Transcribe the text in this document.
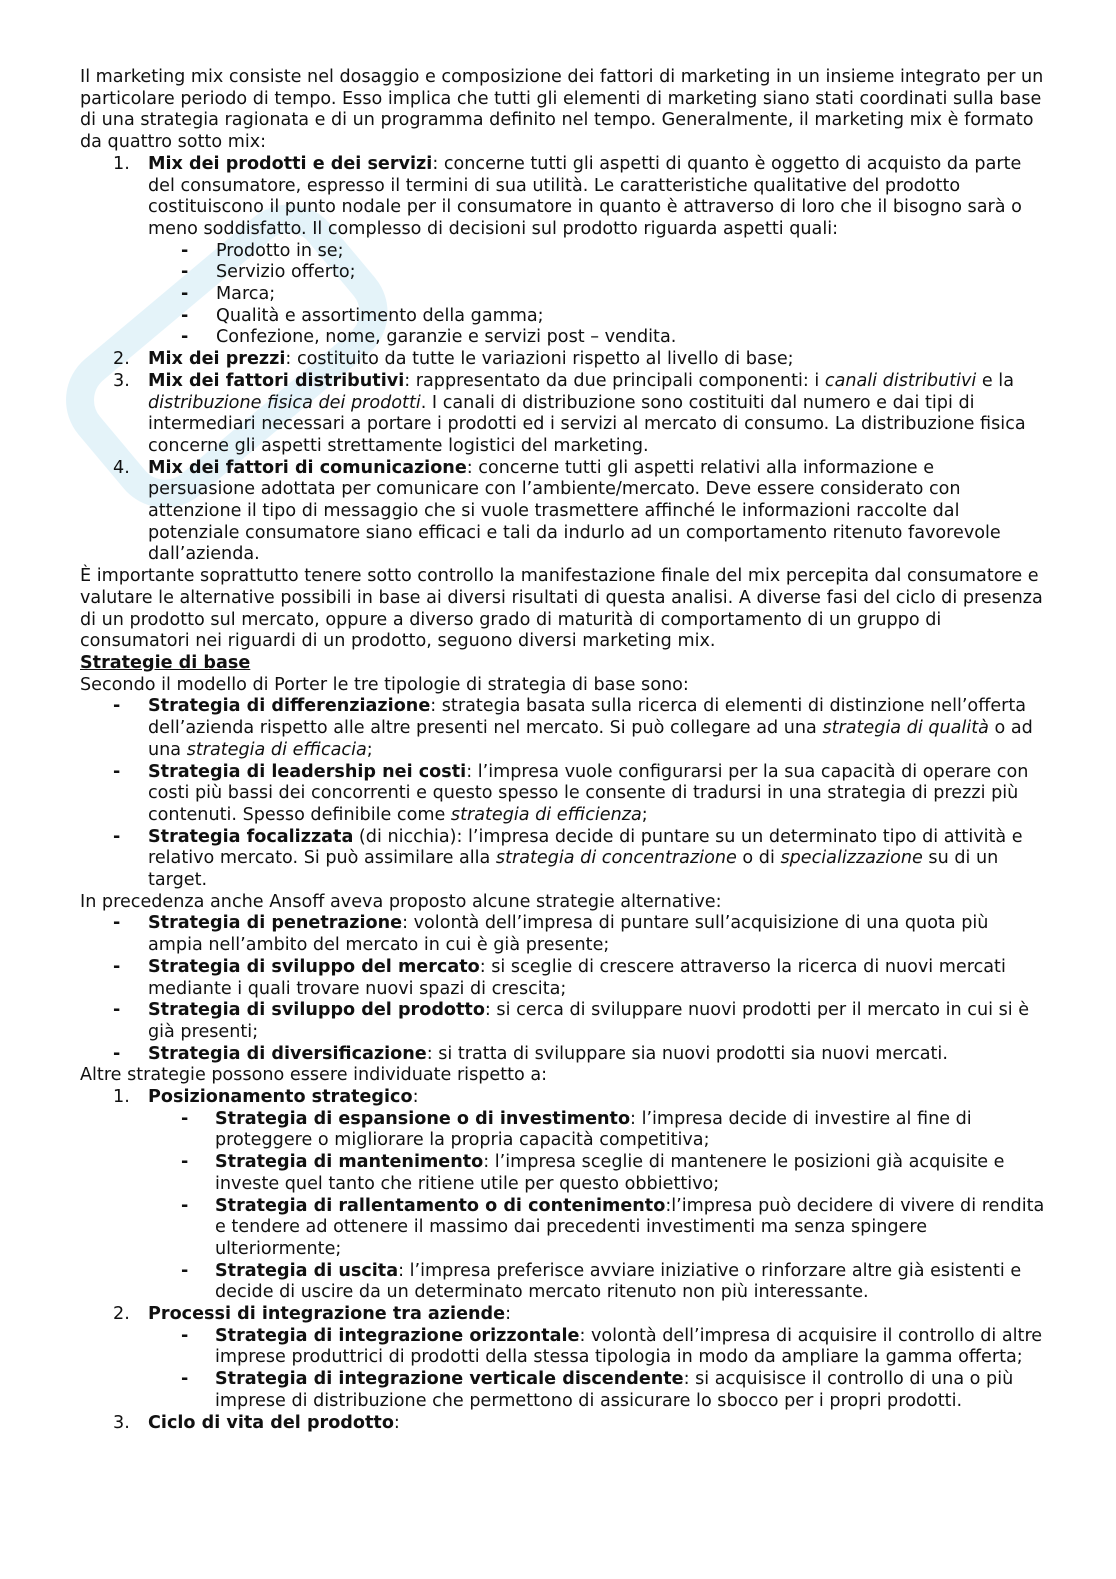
Il marketing mix consiste nel dosaggio e composizione dei fattori di marketing in un insieme integrato per un particolare periodo di tempo. Esso implica che tutti gli elementi di marketing siano stati coordinati sulla base di una strategia ragionata e di un programma definito nel tempo. Generalmente, il marketing mix è formato da quattro sotto mix:

1. Mix dei prodotti e dei servizi: concerne tutti gli aspetti di quanto è oggetto di acquisto da parte del consumatore, espresso il termini di sua utilità. Le caratteristiche qualitative del prodotto costituiscono il punto nodale per il consumatore in quanto è attraverso di loro che il bisogno sarà o meno soddisfatto. Il complesso di decisioni sul prodotto riguarda aspetti quali:
- Prodotto in se;
- Servizio offerto;
- Marca;
- Qualità e assortimento della gamma;
- Confezione, nome, garanzie e servizi post – vendita.
2. Mix dei prezzi: costituito da tutte le variazioni rispetto al livello di base;
3. Mix dei fattori distributivi: rappresentato da due principali componenti: i canali distributivi e la distribuzione fisica dei prodotti. I canali di distribuzione sono costituiti dal numero e dai tipi di intermediari necessari a portare i prodotti ed i servizi al mercato di consumo. La distribuzione fisica concerne gli aspetti strettamente logistici del marketing.
4. Mix dei fattori di comunicazione: concerne tutti gli aspetti relativi alla informazione e persuasione adottata per comunicare con l’ambiente/mercato. Deve essere considerato con attenzione il tipo di messaggio che si vuole trasmettere affinché le informazioni raccolte dal potenziale consumatore siano efficaci e tali da indurlo ad un comportamento ritenuto favorevole dall’azienda.

È importante soprattutto tenere sotto controllo la manifestazione finale del mix percepita dal consumatore e valutare le alternative possibili in base ai diversi risultati di questa analisi. A diverse fasi del ciclo di presenza di un prodotto sul mercato, oppure a diverso grado di maturità di comportamento di un gruppo di consumatori nei riguardi di un prodotto, seguono diversi marketing mix.

Strategie di base

Secondo il modello di Porter le tre tipologie di strategia di base sono:

- Strategia di differenziazione: strategia basata sulla ricerca di elementi di distinzione nell’offerta dell’azienda rispetto alle altre presenti nel mercato. Si può collegare ad una strategia di qualità o ad una strategia di efficacia;
- Strategia di leadership nei costi: l’impresa vuole configurarsi per la sua capacità di operare con costi più bassi dei concorrenti e questo spesso le consente di tradursi in una strategia di prezzi più contenuti. Spesso definibile come strategia di efficienza;
- Strategia focalizzata (di nicchia): l’impresa decide di puntare su un determinato tipo di attività e relativo mercato. Si può assimilare alla strategia di concentrazione o di specializzazione su di un target.

In precedenza anche Ansoff aveva proposto alcune strategie alternative:

- Strategia di penetrazione: volontà dell’impresa di puntare sull’acquisizione di una quota più ampia nell’ambito del mercato in cui è già presente;
- Strategia di sviluppo del mercato: si sceglie di crescere attraverso la ricerca di nuovi mercati mediante i quali trovare nuovi spazi di crescita;
- Strategia di sviluppo del prodotto: si cerca di sviluppare nuovi prodotti per il mercato in cui si è già presenti;
- Strategia di diversificazione: si tratta di sviluppare sia nuovi prodotti sia nuovi mercati.

Altre strategie possono essere individuate rispetto a:

1. Posizionamento strategico:
- Strategia di espansione o di investimento: l’impresa decide di investire al fine di proteggere o migliorare la propria capacità competitiva;
- Strategia di mantenimento: l’impresa sceglie di mantenere le posizioni già acquisite e investe quel tanto che ritiene utile per questo obbiettivo;
- Strategia di rallentamento o di contenimento:l’impresa può decidere di vivere di rendita e tendere ad ottenere il massimo dai precedenti investimenti ma senza spingere ulteriormente;
- Strategia di uscita: l’impresa preferisce avviare iniziative o rinforzare altre già esistenti e decide di uscire da un determinato mercato ritenuto non più interessante.
2. Processi di integrazione tra aziende:
- Strategia di integrazione orizzontale: volontà dell’impresa di acquisire il controllo di altre imprese produttrici di prodotti della stessa tipologia in modo da ampliare la gamma offerta;
- Strategia di integrazione verticale discendente: si acquisisce il controllo di una o più imprese di distribuzione che permettono di assicurare lo sbocco per i propri prodotti.
3. Ciclo di vita del prodotto:
